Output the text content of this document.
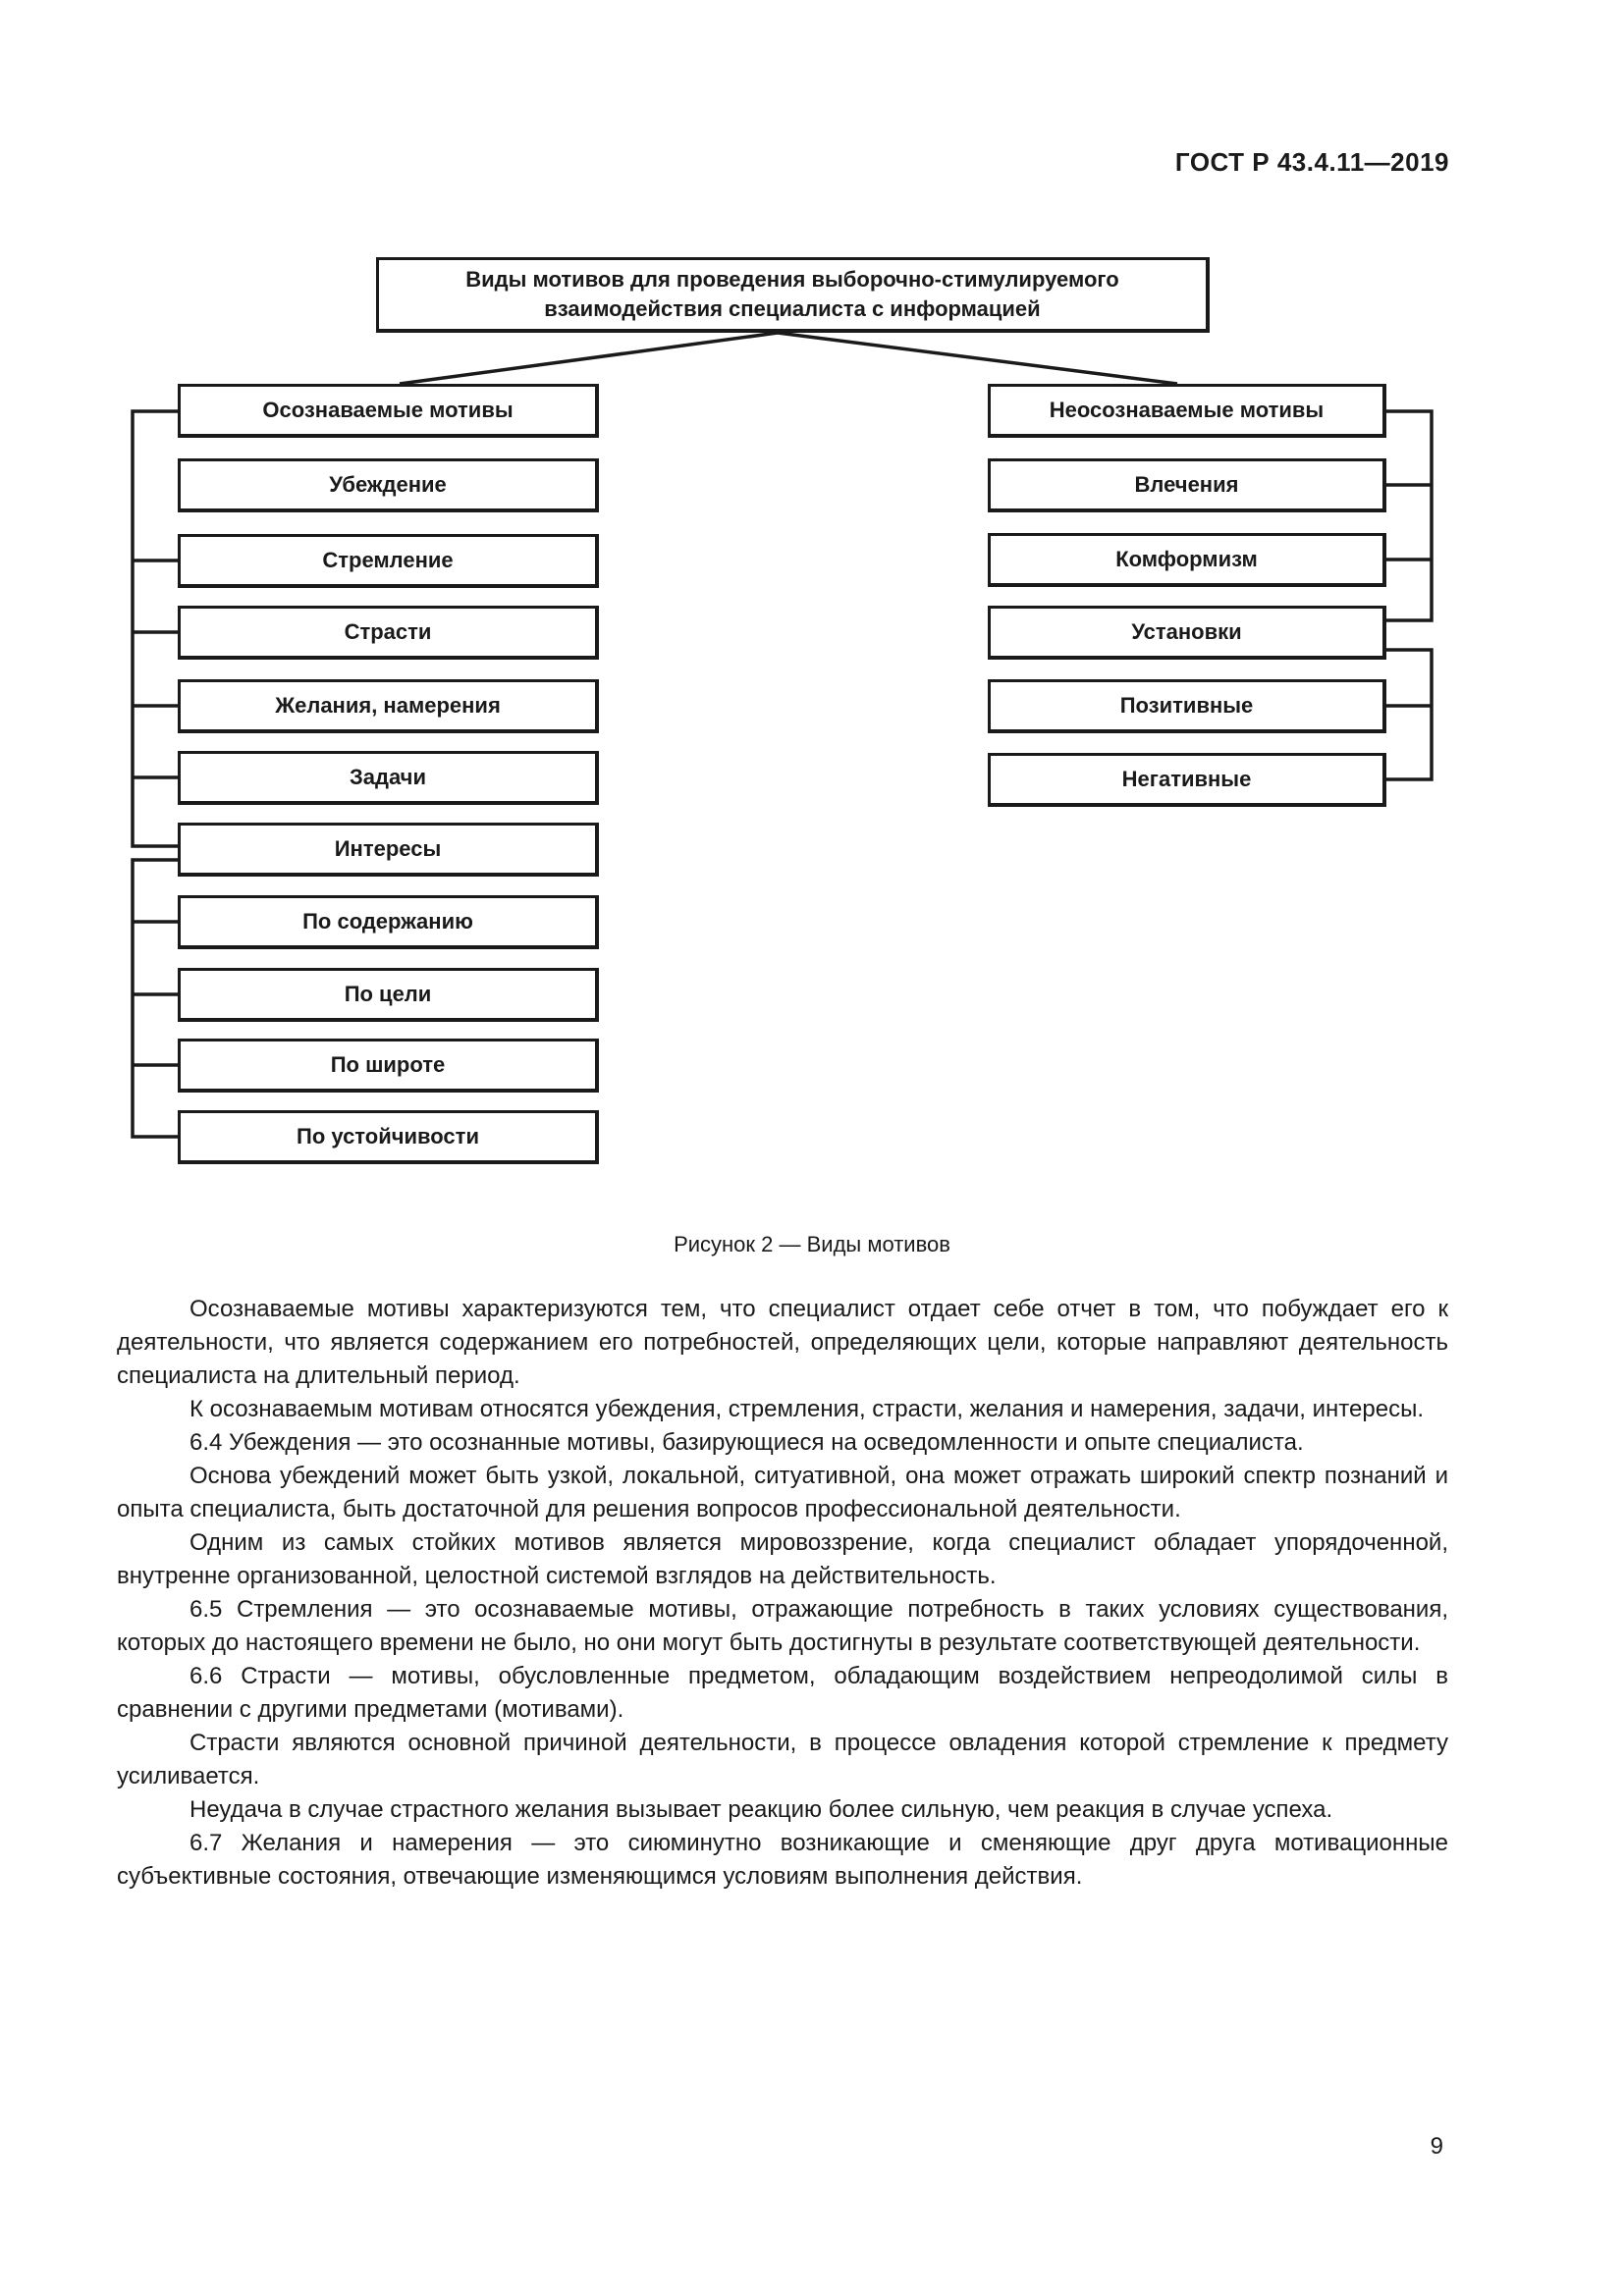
ГОСТ Р 43.4.11—2019
Виды мотивов для проведения выборочно-стимулируемого
взаимодействия специалиста с информацией
Осознаваемые мотивы
Убеждение
Стремление
Страсти
Желания, намерения
Задачи
Интересы
По содержанию
По цели
По широте
По устойчивости
Неосознаваемые мотивы
Влечения
Комформизм
Установки
Позитивные
Негативные
Рисунок 2 — Виды мотивов

Осознаваемые мотивы характеризуются тем, что специалист отдает себе отчет в том, что побуждает его к деятельности, что является содержанием его потребностей, определяющих цели, которые направляют деятельность специалиста на длительный период.

К осознаваемым мотивам относятся убеждения, стремления, страсти, желания и намерения, задачи, интересы.

6.4 Убеждения — это осознанные мотивы, базирующиеся на осведомленности и опыте специалиста.

Основа убеждений может быть узкой, локальной, ситуативной, она может отражать широкий спектр познаний и опыта специалиста, быть достаточной для решения вопросов профессиональной деятельности.

Одним из самых стойких мотивов является мировоззрение, когда специалист обладает упорядоченной, внутренне организованной, целостной системой взглядов на действительность.

6.5 Стремления — это осознаваемые мотивы, отражающие потребность в таких условиях существования, которых до настоящего времени не было, но они могут быть достигнуты в результате соответствующей деятельности.

6.6 Страсти — мотивы, обусловленные предметом, обладающим воздействием непреодолимой силы в сравнении с другими предметами (мотивами).

Страсти являются основной причиной деятельности, в процессе овладения которой стремление к предмету усиливается.

Неудача в случае страстного желания вызывает реакцию более сильную, чем реакция в случае успеха.

6.7 Желания и намерения — это сиюминутно возникающие и сменяющие друг друга мотивационные субъективные состояния, отвечающие изменяющимся условиям выполнения действия.

9
